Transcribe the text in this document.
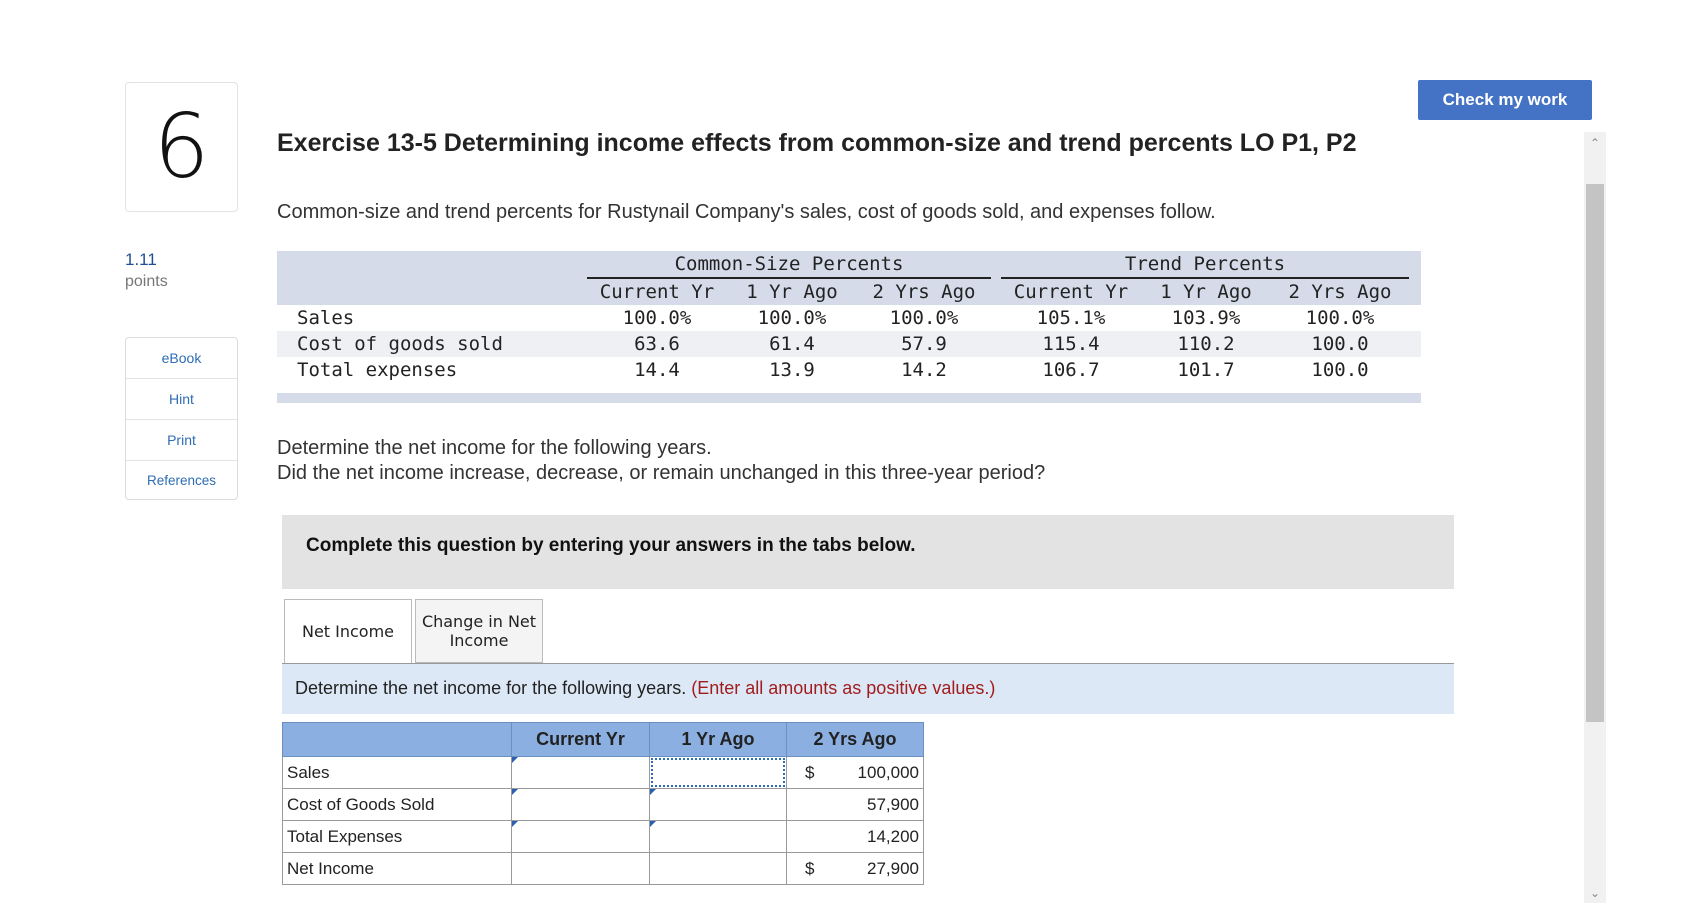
6
1.11
points
eBook
Hint
Print
References
Check my work
⌃
⌄
Exercise 13-5 Determining income effects from common-size and trend percents LO P1, P2
Common-size and trend percents for Rustynail Company's sales, cost of goods sold, and expenses follow.
Common-Size Percents	Trend Percents
Current Yr	1 Yr Ago	2 Yrs Ago	Current Yr	1 Yr Ago	2 Yrs Ago
Sales	100.0%	100.0%	100.0%	105.1%	103.9%	100.0%
Cost of goods sold	63.6	61.4	57.9	115.4	110.2	100.0
Total expenses	14.4	13.9	14.2	106.7	101.7	100.0
Determine the net income for the following years.
Did the net income increase, decrease, or remain unchanged in this three-year period?
Complete this question by entering your answers in the tabs below.
Net Income
Change in Net Income
Determine the net income for the following years. (Enter all amounts as positive values.)
	Current Yr	1 Yr Ago	2 Yrs Ago
Sales			$ 100,000

Cost of Goods Sold			57,900

Total Expenses			14,200

Net Income			$ 27,900
